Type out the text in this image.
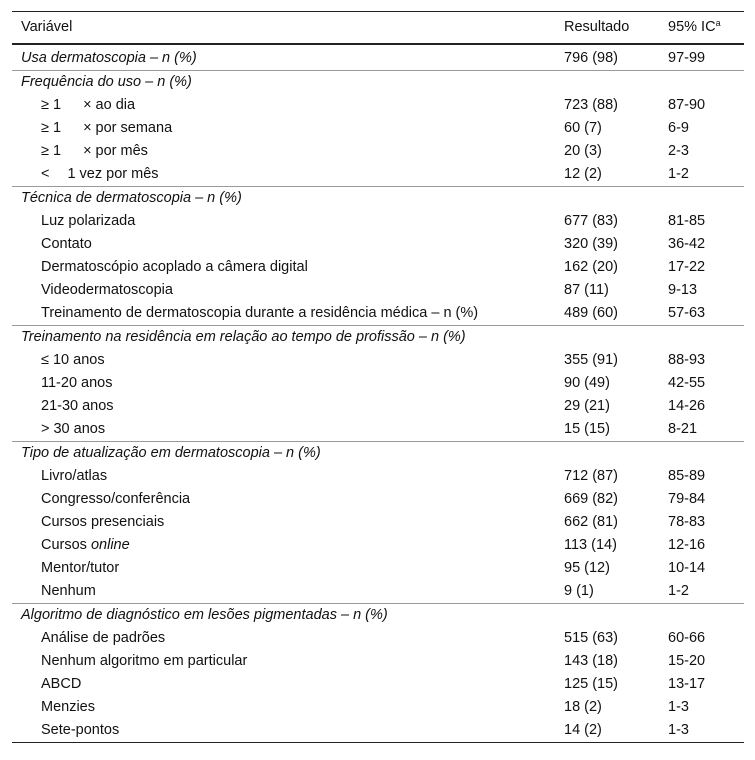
Variável	Resultado	95% $IC^a$
Usa dermatoscopia – n (%)	796 (98)	97-99
Frequência do uso – n (%)		
≥ 1 × ao dia	723 (88)	87-90
≥ 1 × por semana	60 (7)	6-9
≥ 1 × por mês	20 (3)	2-3
< 1 vez por mês	12 (2)	1-2
Técnica de dermatoscopia – n (%)		
Luz polarizada	677 (83)	81-85
Contato	320 (39)	36-42
Dermatoscópio acoplado a câmera digital	162 (20)	17-22
Videodermatoscopia	87 (11)	9-13
Treinamento de dermatoscopia durante a residência médica – n (%)	489 (60)	57-63
Treinamento na residência em relação ao tempo de profissão – n (%)		
≤ 10 anos	355 (91)	88-93
11-20 anos	90 (49)	42-55
21-30 anos	29 (21)	14-26
> 30 anos	15 (15)	8-21
Tipo de atualização em dermatoscopia – n (%)		
Livro/atlas	712 (87)	85-89
Congresso/conferência	669 (82)	79-84
Cursos presenciais	662 (81)	78-83
Cursos online	113 (14)	12-16
Mentor/tutor	95 (12)	10-14
Nenhum	9 (1)	1-2
Algoritmo de diagnóstico em lesões pigmentadas – n (%)		
Análise de padrões	515 (63)	60-66
Nenhum algoritmo em particular	143 (18)	15-20
ABCD	125 (15)	13-17
Menzies	18 (2)	1-3
Sete-pontos	14 (2)	1-3
